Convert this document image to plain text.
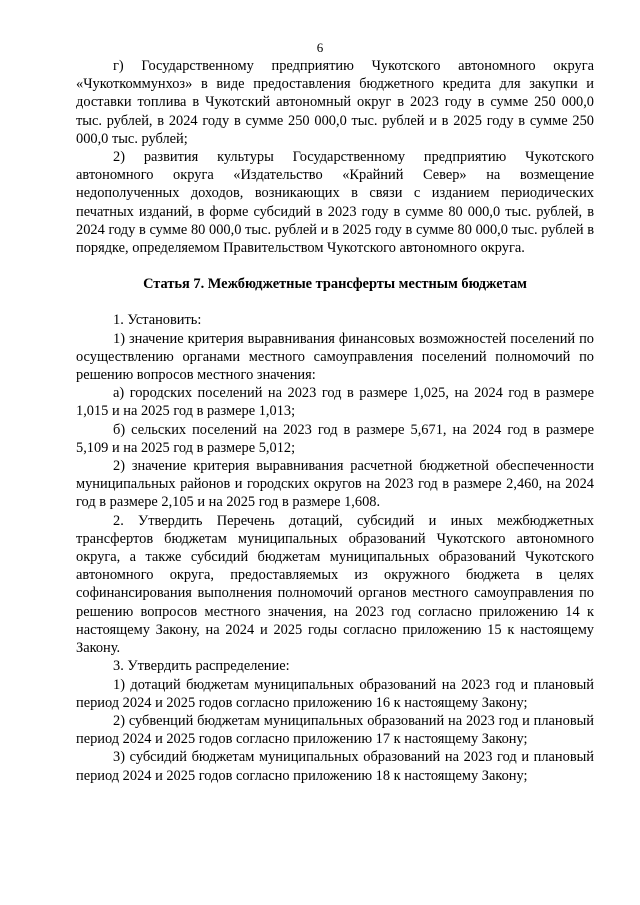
6

г) Государственному предприятию Чукотского автономного округа «Чукоткоммунхоз» в виде предоставления бюджетного кредита для закупки и доставки топлива в Чукотский автономный округ в 2023 году в сумме 250 000,0 тыс. рублей, в 2024 году в сумме 250 000,0 тыс. рублей и в 2025 году в сумме 250 000,0 тыс. рублей;

2) развития культуры Государственному предприятию Чукотского автономного округа «Издательство «Крайний Север» на возмещение недополученных доходов, возникающих в связи с изданием периодических печатных изданий, в форме субсидий в 2023 году в сумме 80 000,0 тыс. рублей, в 2024 году в сумме 80 000,0 тыс. рублей и в 2025 году в сумме 80 000,0 тыс. рублей в порядке, определяемом Правительством Чукотского автономного округа.

Статья 7. Межбюджетные трансферты местным бюджетам

1. Установить:

1) значение критерия выравнивания финансовых возможностей поселений по осуществлению органами местного самоуправления поселений полномочий по решению вопросов местного значения:

а) городских поселений на 2023 год в размере 1,025, на 2024 год в размере 1,015 и на 2025 год в размере 1,013;

б) сельских поселений на 2023 год в размере 5,671, на 2024 год в размере 5,109 и на 2025 год в размере 5,012;

2) значение критерия выравнивания расчетной бюджетной обеспеченности муниципальных районов и городских округов на 2023 год в размере 2,460, на 2024 год в размере 2,105 и на 2025 год в размере 1,608.

2. Утвердить Перечень дотаций, субсидий и иных межбюджетных трансфертов бюджетам муниципальных образований Чукотского автономного округа, а также субсидий бюджетам муниципальных образований Чукотского автономного округа, предоставляемых из окружного бюджета в целях софинансирования выполнения полномочий органов местного самоуправления по решению вопросов местного значения, на 2023 год согласно приложению 14 к настоящему Закону, на 2024 и 2025 годы согласно приложению 15 к настоящему Закону.

3. Утвердить распределение:

1) дотаций бюджетам муниципальных образований на 2023 год и плановый период 2024 и 2025 годов согласно приложению 16 к настоящему Закону;

2) субвенций бюджетам муниципальных образований на 2023 год и плановый период 2024 и 2025 годов согласно приложению 17 к настоящему Закону;

3) субсидий бюджетам муниципальных образований на 2023 год и плановый период 2024 и 2025 годов согласно приложению 18 к настоящему Закону;
